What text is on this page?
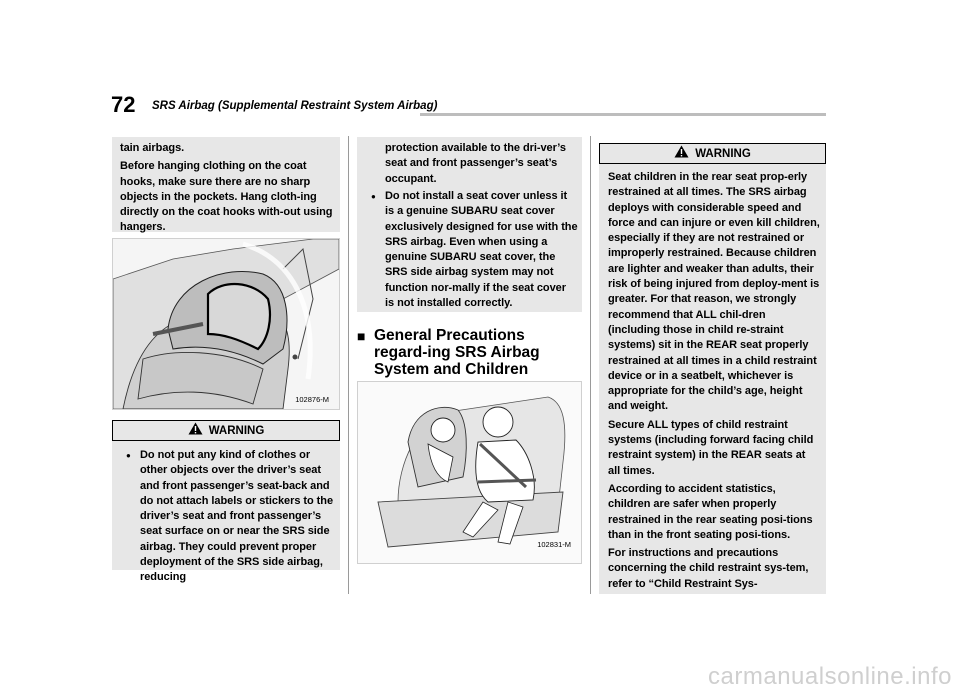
72 SRS Airbag (Supplemental Restraint System Airbag)

tain airbags.

Before hanging clothing on the coat hooks, make sure there are no sharp objects in the pockets. Hang cloth-ing directly on the coat hooks with-out using hangers.

102876-M
WARNING
● Do not put any kind of clothes or other objects over the driver’s seat and front passenger’s seat-back and do not attach labels or stickers to the driver’s seat and front passenger’s seat surface on or near the SRS side airbag. They could prevent proper deployment of the SRS side airbag, reducing
protection available to the dri-ver’s seat and front passenger’s seat’s occupant.
● Do not install a seat cover unless it is a genuine SUBARU seat cover exclusively designed for use with the SRS airbag. Even when using a genuine SUBARU seat cover, the SRS side airbag system may not function nor-mally if the seat cover is not installed correctly.
■ General Precautions regard-ing SRS Airbag System and Children
102831-M
WARNING

Seat children in the rear seat prop-erly restrained at all times. The SRS airbag deploys with considerable speed and force and can injure or even kill children, especially if they are not restrained or improperly restrained. Because children are lighter and weaker than adults, their risk of being injured from deploy-ment is greater. For that reason, we strongly recommend that ALL chil-dren (including those in child re-straint systems) sit in the REAR seat properly restrained at all times in a child restraint device or in a seatbelt, whichever is appropriate for the child’s age, height and weight.

Secure ALL types of child restraint systems (including forward facing child restraint system) in the REAR seats at all times.

According to accident statistics, children are safer when properly restrained in the rear seating posi-tions than in the front seating posi-tions.

For instructions and precautions concerning the child restraint sys-tem, refer to “Child Restraint Sys-

carmanualsonline.info
